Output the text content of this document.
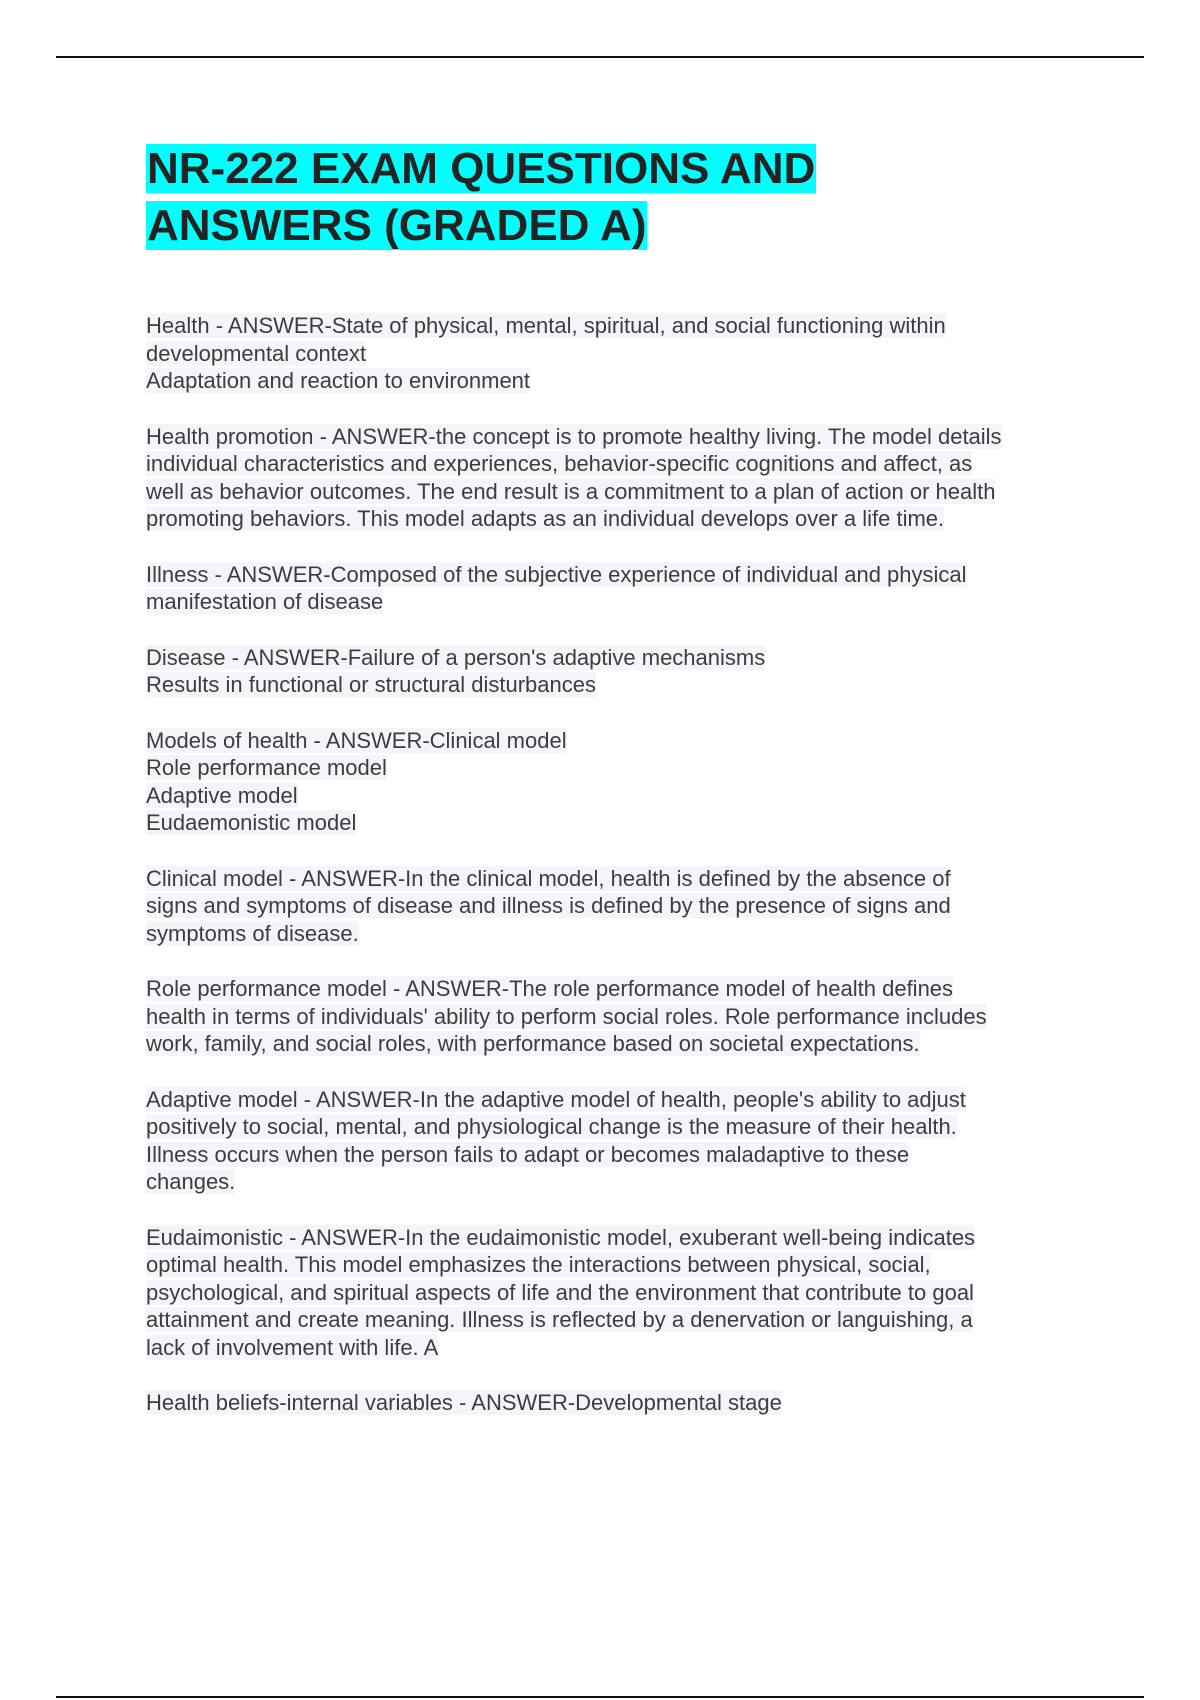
NR-222 EXAM QUESTIONS AND
ANSWERS (GRADED A)
Health - ANSWER-State of physical, mental, spiritual, and social functioning within
developmental context
Adaptation and reaction to environment
Health promotion - ANSWER-the concept is to promote healthy living. The model details
individual characteristics and experiences, behavior-specific cognitions and affect, as
well as behavior outcomes. The end result is a commitment to a plan of action or health
promoting behaviors. This model adapts as an individual develops over a life time.
Illness - ANSWER-Composed of the subjective experience of individual and physical
manifestation of disease
Disease - ANSWER-Failure of a person's adaptive mechanisms
Results in functional or structural disturbances
Models of health - ANSWER-Clinical model
Role performance model
Adaptive model
Eudaemonistic model
Clinical model - ANSWER-In the clinical model, health is defined by the absence of
signs and symptoms of disease and illness is defined by the presence of signs and
symptoms of disease.
Role performance model - ANSWER-The role performance model of health defines
health in terms of individuals' ability to perform social roles. Role performance includes
work, family, and social roles, with performance based on societal expectations.
Adaptive model - ANSWER-In the adaptive model of health, people's ability to adjust
positively to social, mental, and physiological change is the measure of their health.
Illness occurs when the person fails to adapt or becomes maladaptive to these
changes.
Eudaimonistic - ANSWER-In the eudaimonistic model, exuberant well-being indicates
optimal health. This model emphasizes the interactions between physical, social,
psychological, and spiritual aspects of life and the environment that contribute to goal
attainment and create meaning. Illness is reflected by a denervation or languishing, a
lack of involvement with life. A
Health beliefs-internal variables - ANSWER-Developmental stage
